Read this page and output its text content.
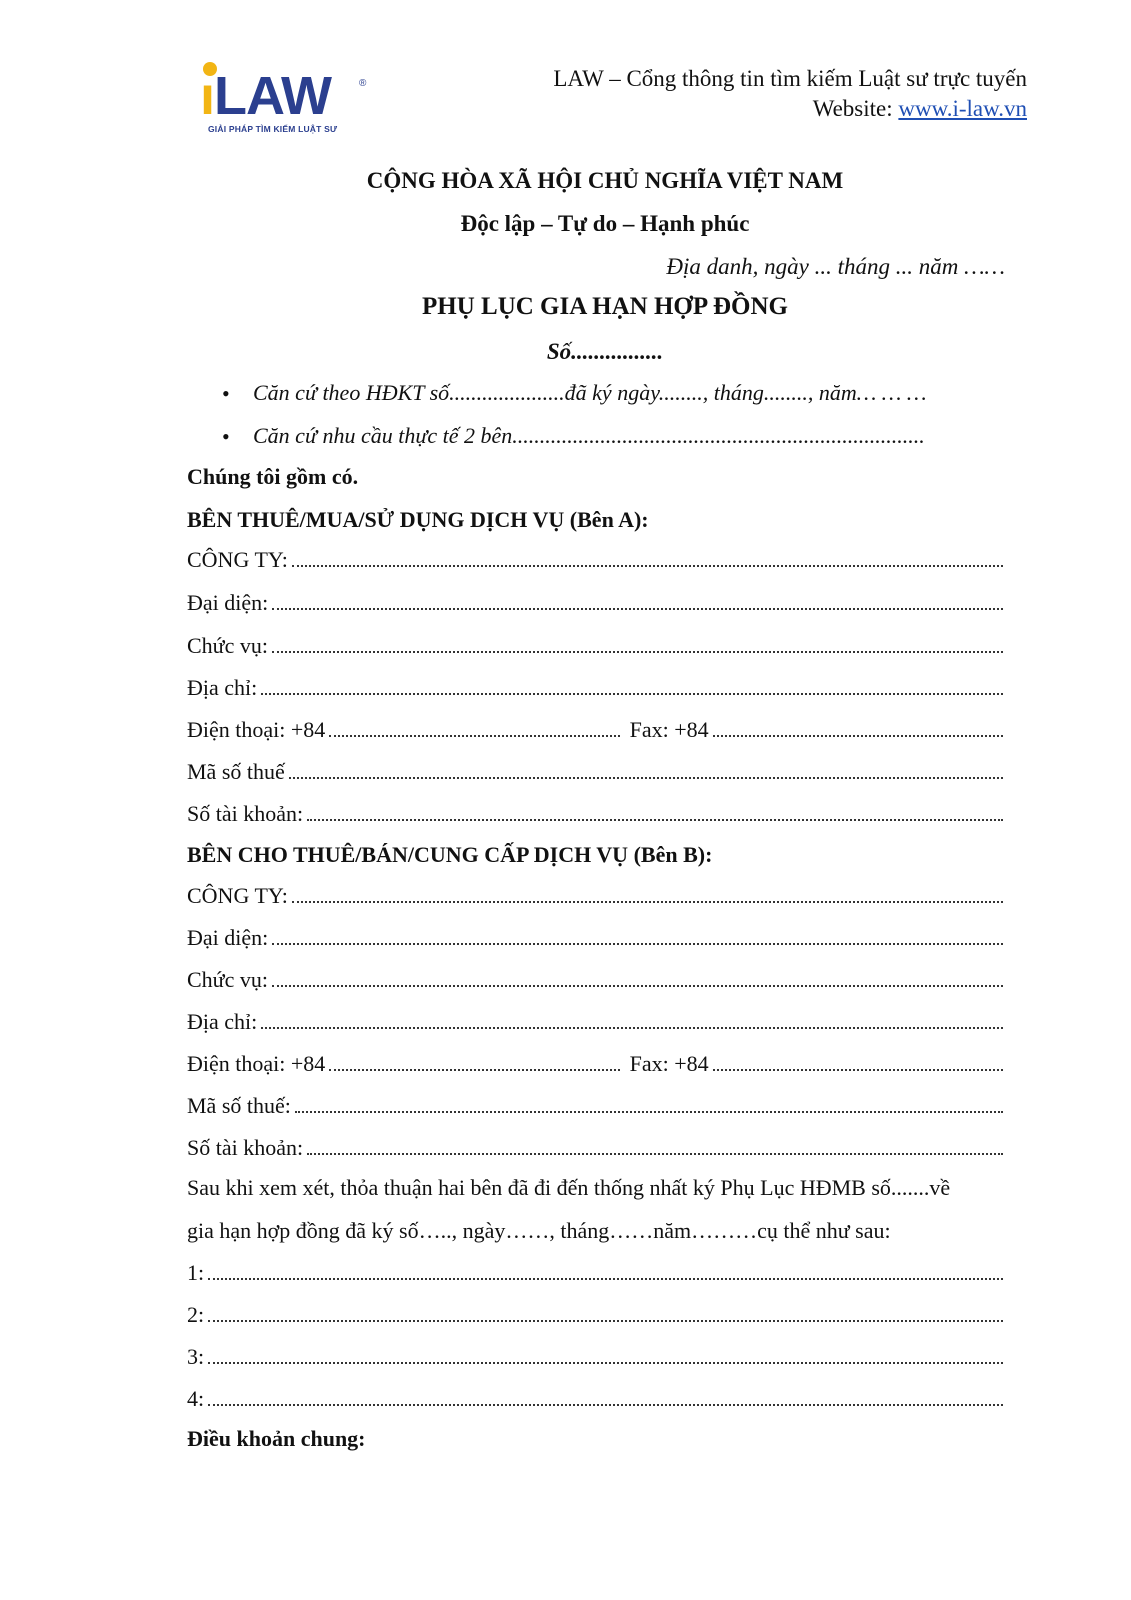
ıLAW	®
GIẢI PHÁP TÌM KIẾM LUẬT SƯ
LAW – Cổng thông tin tìm kiếm Luật sư trực tuyến
Website: www.i-law.vn
CỘNG HÒA XÃ HỘI CHỦ NGHĨA VIỆT NAM
Độc lập – Tự do – Hạnh phúc
Địa danh, ngày ... tháng ... năm ……
PHỤ LỤC GIA HẠN HỢP ĐỒNG
Số................
• Căn cứ theo HĐKT số.....................đã ký ngày........, tháng........, năm… … …
• Căn cứ nhu cầu thực tế 2 bên...........................................................................
Chúng tôi gồm có.
BÊN THUÊ/MUA/SỬ DỤNG DỊCH VỤ (Bên A):
CÔNG TY:
Đại diện:
Chức vụ:
Địa chỉ:
Điện thoại: +84	Fax: +84
Mã số thuế
Số tài khoản:
BÊN CHO THUÊ/BÁN/CUNG CẤP DỊCH VỤ (Bên B):
CÔNG TY:
Đại diện:
Chức vụ:
Địa chỉ:
Điện thoại: +84	Fax: +84
Mã số thuế:
Số tài khoản:
Sau khi xem xét, thỏa thuận hai bên đã đi đến thống nhất ký Phụ Lục HĐMB số.......về
gia hạn hợp đồng đã ký số….., ngày……, tháng……năm………cụ thể như sau:
1:
2:
3:
4:
Điều khoản chung:
